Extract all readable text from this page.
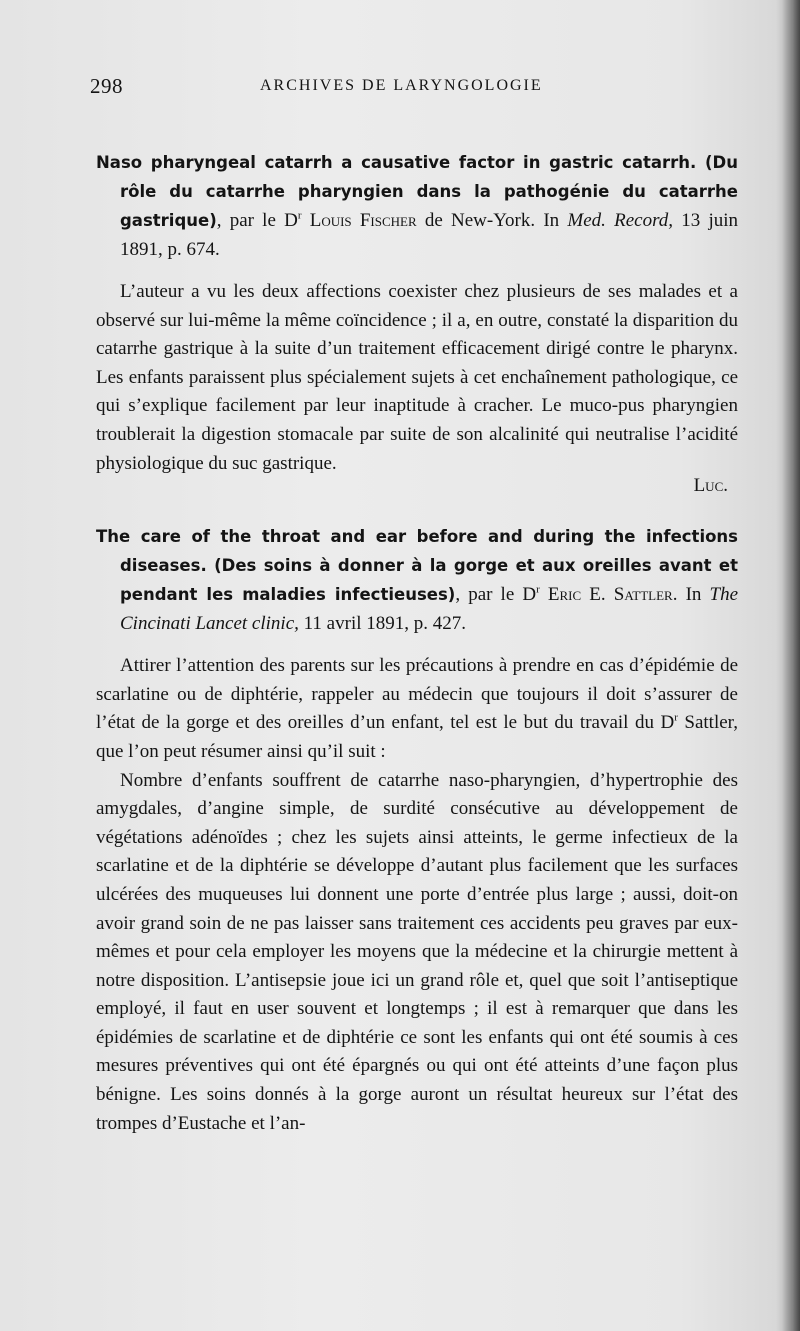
298	ARCHIVES DE LARYNGOLOGIE
Naso pharyngeal catarrh a causative factor in gastric catarrh. (Du rôle du catarrhe pharyngien dans la pathogénie du catarrhe gastrique), par le $D^r$ Louis Fischer de New-York. In Med. Record, 13 juin 1891, p. 674.

L’auteur a vu les deux affections coexister chez plusieurs de ses malades et a observé sur lui-même la même coïncidence ; il a, en outre, constaté la disparition du catarrhe gastrique à la suite d’un traitement efficacement dirigé contre le pharynx. Les enfants paraissent plus spécialement sujets à cet enchaînement pathologique, ce qui s’explique facilement par leur inaptitude à cracher. Le muco-pus pharyngien troublerait la digestion stomacale par suite de son alcalinité qui neutralise l’acidité physiologique du suc gastrique.

Luc.
The care of the throat and ear before and during the infections diseases. (Des soins à donner à la gorge et aux oreilles avant et pendant les maladies infectieuses), par le $D^r$ Eric E. Sattler. In The Cincinati Lancet clinic, 11 avril 1891, p. 427.

Attirer l’attention des parents sur les précautions à prendre en cas d’épidémie de scarlatine ou de diphtérie, rappeler au médecin que toujours il doit s’assurer de l’état de la gorge et des oreilles d’un enfant, tel est le but du travail du $D^r$ Sattler, que l’on peut résumer ainsi qu’il suit :

Nombre d’enfants souffrent de catarrhe naso-pharyngien, d’hypertrophie des amygdales, d’angine simple, de surdité consécutive au développement de végétations adénoïdes ; chez les sujets ainsi atteints, le germe infectieux de la scarlatine et de la diphtérie se développe d’autant plus facilement que les surfaces ulcérées des muqueuses lui donnent une porte d’entrée plus large ; aussi, doit-on avoir grand soin de ne pas laisser sans traitement ces accidents peu graves par eux-mêmes et pour cela employer les moyens que la médecine et la chirurgie mettent à notre disposition. L’antisepsie joue ici un grand rôle et, quel que soit l’antiseptique employé, il faut en user souvent et longtemps ; il est à remarquer que dans les épidémies de scarlatine et de diphtérie ce sont les enfants qui ont été soumis à ces mesures préventives qui ont été épargnés ou qui ont été atteints d’une façon plus bénigne. Les soins donnés à la gorge auront un résultat heureux sur l’état des trompes d’Eustache et l’an-
